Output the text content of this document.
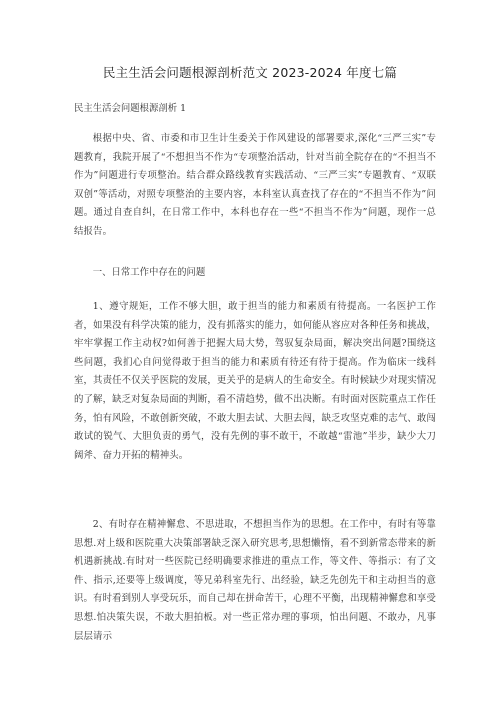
民主生活会问题根源剖析范文 2023-2024 年度七篇
民主生活会问题根源剖析 1

根据中央、省、市委和市卫生计生委关于作风建设的部署要求,深化“三严三实”专题教育，我院开展了“不想担当不作为“专项整治活动，针对当前全院存在的“不担当不作为”问题进行专项整治。结合群众路线教育实践活动、“三严三实”专题教育、“双联双创”等活动，对照专项整治的主要内容，本科室认真查找了存在的“不担当不作为”问题。通过自查自纠，在日常工作中，本科也存在一些“不担当不作为”问题，现作一总结报告。

一、日常工作中存在的问题

1、遵守规矩，工作不够大胆，敢于担当的能力和素质有待提高。一名医护工作者，如果没有科学决策的能力，没有抓落实的能力，如何能从容应对各种任务和挑战，牢牢掌握工作主动权?如何善于把握大局大势，驾驭复杂局面，解决突出问题?围绕这些问题，我扪心自问觉得敢于担当的能力和素质有待还有待于提高。作为临床一线科室，其责任不仅关乎医院的发展，更关乎的是病人的生命安全。有时候缺少对现实情况的了解，缺乏对复杂局面的判断，看不清趋势，做不出决断。有时面对医院重点工作任务，怕有风险，不敢创新突破，不敢大胆去试、大胆去闯，缺乏攻坚克难的志气、敢闯敢试的锐气、大胆负责的勇气，没有先例的事不敢干，不敢越“雷池”半步，缺少大刀阔斧、奋力开拓的精神头。

2、有时存在精神懈怠、不思进取，不想担当作为的思想。在工作中，有时有等靠思想.对上级和医院重大决策部署缺乏深入研究思考,思想懒惰，看不到新常态带来的新机遇新挑战.有时对一些医院已经明确要求推进的重点工作，等文件、等指示：有了文件、指示,还要等上级调度，等兄弟科室先行、出经验，缺乏先创先干和主动担当的意识。有时看到别人享受玩乐，而自己却在拼命苦干，心理不平衡，出现精神懈怠和享受思想.怕决策失误，不敢大胆拍板。对一些正常办理的事项，怕出问题、不敢办，凡事层层请示
